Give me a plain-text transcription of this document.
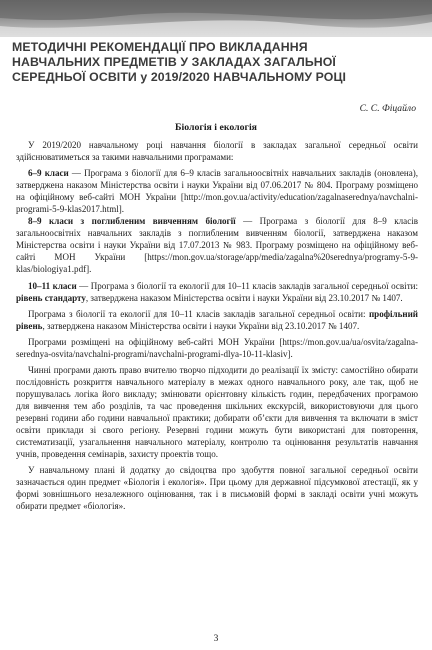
МЕТОДИЧНІ РЕКОМЕНДАЦІЇ ПРО ВИКЛАДАННЯ
НАВЧАЛЬНИХ ПРЕДМЕТІВ У ЗАКЛАДАХ ЗАГАЛЬНОЇ
СЕРЕДНЬОЇ ОСВІТИ у 2019/2020 НАВЧАЛЬНОМУ РОЦІ
С. С. Фіцайло
Біологія і екологія

У 2019/2020 навчальному році навчання біології в закладах загальної середньої освіти здійснюватиметься за такими навчальними програмами:

6–9 класи — Програма з біології для 6–9 класів загальноосвітніх навчальних закладів (оновлена), затверджена наказом Міністерства освіти і науки України від 07.06.2017 № 804. Програму розміщено на офіційному веб-сайті МОН України [http://mon.gov.ua/activity/education/zagalnaserednya/navchalni-programi-5-9-klas2017.html].

8–9 класи з поглибленим вивченням біології — Програма з біології для 8–9 класів загальноосвітніх навчальних закладів з поглибленим вивченням біології, затверджена наказом Міністерства освіти і науки України від 17.07.2013 № 983. Програму розміщено на офіційному веб-сайті МОН України [https://mon.gov.ua/storage/app/media/zagalna%20serednya/programy-5-9-klas/biologiya1.pdf].

10–11 класи — Програма з біології та екології для 10–11 класів закладів загальної середньої освіти: рівень стандарту, затверджена наказом Міністерства освіти і науки України від 23.10.2017 № 1407.

Програма з біології та екології для 10–11 класів закладів загальної середньої освіти: профільний рівень, затверджена наказом Міністерства освіти і науки України від 23.10.2017 № 1407.

Програми розміщені на офіційному веб-сайті МОН України [https://mon.gov.ua/ua/osvita/zagalna-serednya-osvita/navchalni-programi/navchalni-programi-dlya-10-11-klasiv].

Чинні програми дають право вчителю творчо підходити до реалізації їх змісту: самостійно обирати послідовність розкриття навчального матеріалу в межах одного навчального року, але так, щоб не порушувалась логіка його викладу; змінювати орієнтовну кількість годин, передбачених програмою для вивчення тем або розділів, та час проведення шкільних екскурсій, використовуючи для цього резервні години або години навчальної практики; добирати об’єкти для вивчення та включати в зміст освіти приклади зі свого регіону. Резервні години можуть бути використані для повторення, систематизації, узагальнення навчального матеріалу, контролю та оцінювання результатів навчання учнів, проведення семінарів, захисту проектів тощо.

У навчальному плані й додатку до свідоцтва про здобуття повної загальної середньої освіти зазначається один предмет «Біологія і екологія». При цьому для державної підсумкової атестації, як у формі зовнішнього незалежного оцінювання, так і в письмовій формі в закладі освіти учні можуть обирати предмет «біологія».

3
